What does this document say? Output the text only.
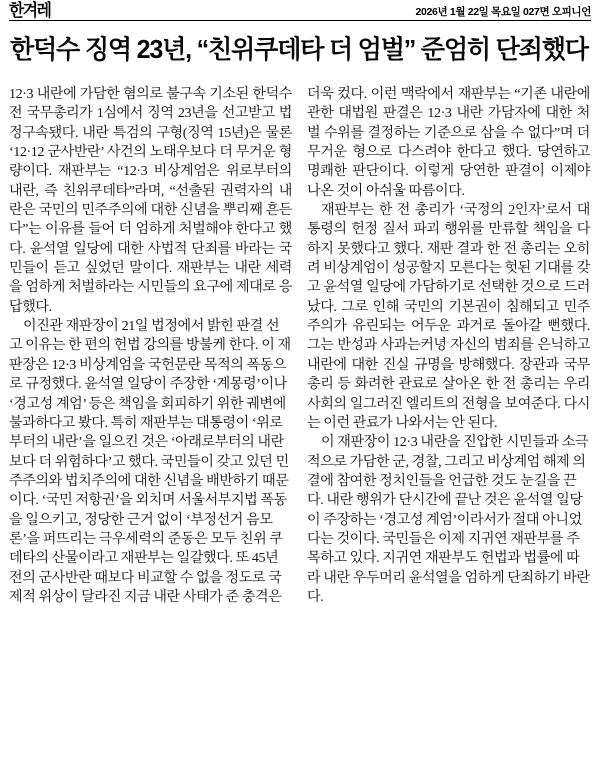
한겨레	2026년 1월 22일 목요일 027면 오피니언
한덕수 징역 23년, “친위쿠데타 더 엄벌” 준엄히 단죄했다

12·3 내란에 가담한 혐의로 불구속 기소된 한덕수 전 국무총리가 1심에서 징역 23년을 선고받고 법정구속됐다. 내란 특검의 구형(징역 15년)은 물론 ‘12·12 군사반란’ 사건의 노태우보다 더 무거운 형량이다. 재판부는 “12·3 비상계엄은 위로부터의 내란, 즉 친위쿠데타”라며, “선출된 권력자의 내란은 국민의 민주주의에 대한 신념을 뿌리째 흔든다”는 이유를 들어 더 엄하게 처벌해야 한다고 했다. 윤석열 일당에 대한 사법적 단죄를 바라는 국민들이 듣고 싶었던 말이다. 재판부는 내란 세력을 엄하게 처벌하라는 시민들의 요구에 제대로 응답했다.

이진관 재판장이 21일 법정에서 밝힌 판결 선고 이유는 한 편의 헌법 강의를 방불케 한다. 이 재판장은 12·3 비상계엄을 국헌문란 목적의 폭동으로 규정했다. 윤석열 일당이 주장한 ‘계몽령’이나 ‘경고성 계엄’ 등은 책임을 회피하기 위한 궤변에 불과하다고 봤다. 특히 재판부는 대통령이 ‘위로부터의 내란’을 일으킨 것은 ‘아래로부터의 내란보다 더 위험하다’고 했다. 국민들이 갖고 있던 민주주의와 법치주의에 대한 신념을 배반하기 때문이다. ‘국민 저항권’을 외치며 서울서부지법 폭동을 일으키고, 정당한 근거 없이 ‘부정선거 음모론’을 퍼뜨리는 극우세력의 준동은 모두 친위 쿠데타의 산물이라고 재판부는 일갈했다. 또 45년 전의 군사반란 때보다 비교할 수 없을 정도로 국제적 위상이 달라진 지금 내란 사태가 준 충격은

더욱 컸다. 이런 맥락에서 재판부는 “기존 내란에 관한 대법원 판결은 12·3 내란 가담자에 대한 처벌 수위를 결정하는 기준으로 삼을 수 없다”며 더 무거운 형으로 다스려야 한다고 했다. 당연하고 명쾌한 판단이다. 이렇게 당연한 판결이 이제야 나온 것이 아쉬울 따름이다.

재판부는 한 전 총리가 ‘국정의 2인자’로서 대통령의 헌정 질서 파괴 행위를 만류할 책임을 다하지 못했다고 했다. 재판 결과 한 전 총리는 오히려 비상계엄이 성공할지 모른다는 헛된 기대를 갖고 윤석열 일당에 가담하기로 선택한 것으로 드러났다. 그로 인해 국민의 기본권이 침해되고 민주주의가 유린되는 어두운 과거로 돌아갈 뻔했다. 그는 반성과 사과는커녕 자신의 범죄를 은닉하고 내란에 대한 진실 규명을 방해했다. 장관과 국무총리 등 화려한 관료로 살아온 한 전 총리는 우리 사회의 일그러진 엘리트의 전형을 보여준다. 다시는 이런 관료가 나와서는 안 된다.

이 재판장이 12·3 내란을 진압한 시민들과 소극적으로 가담한 군, 경찰, 그리고 비상계엄 해제 의결에 참여한 정치인들을 언급한 것도 눈길을 끈다. 내란 행위가 단시간에 끝난 것은 윤석열 일당이 주장하는 ‘경고성 계엄’이라서가 절대 아니었다는 것이다. 국민들은 이제 지귀연 재판부를 주목하고 있다. 지귀연 재판부도 헌법과 법률에 따라 내란 우두머리 윤석열을 엄하게 단죄하기 바란다.
